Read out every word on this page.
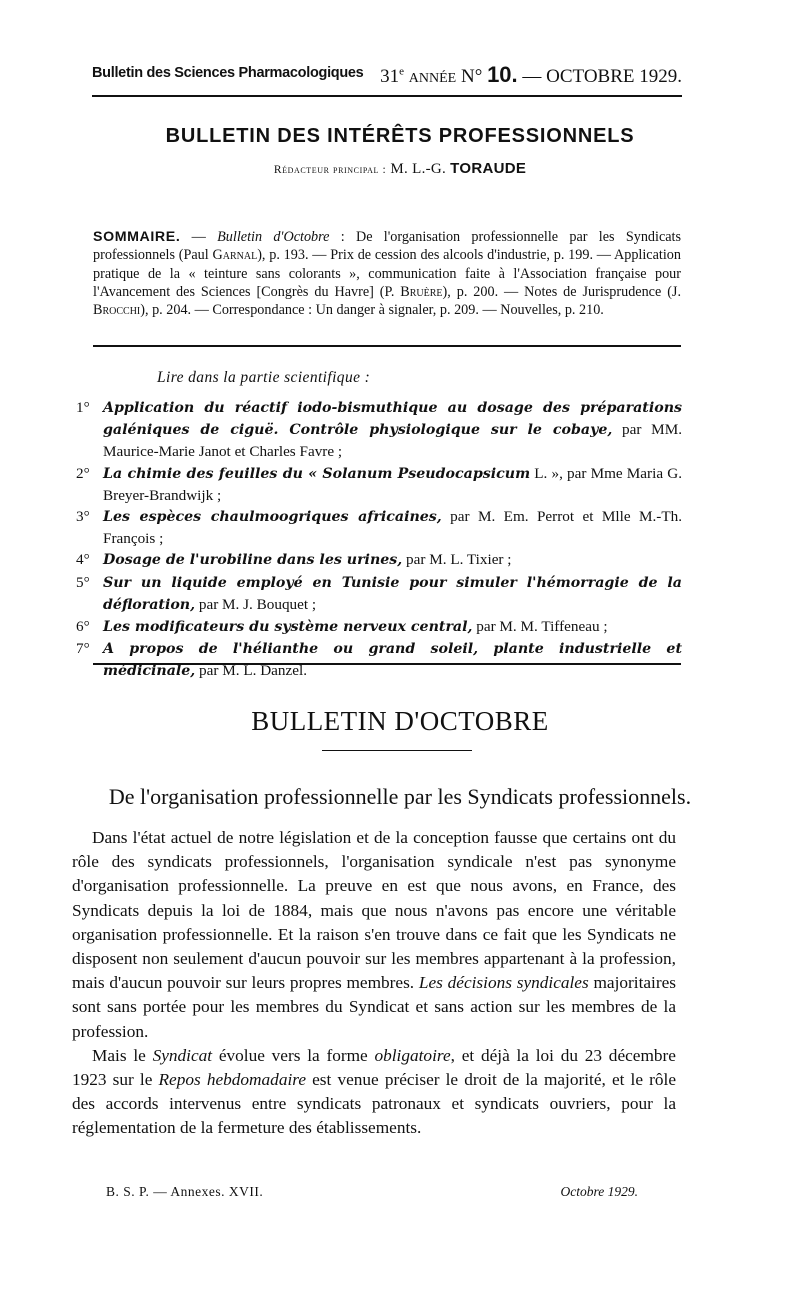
Bulletin des Sciences Pharmacologiques 31e ANNÉE N° 10. — OCTOBRE 1929.
BULLETIN DES INTÉRÊTS PROFESSIONNELS
Rédacteur principal : M. L.-G. TORAUDE
SOMMAIRE. — Bulletin d'Octobre : De l'organisation professionnelle par les Syndicats professionnels (Paul Garnal), p. 193. — Prix de cession des alcools d'industrie, p. 199. — Application pratique de la « teinture sans colorants », communication faite à l'Association française pour l'Avancement des Sciences [Congrès du Havre] (P. Bruère), p. 200. — Notes de Jurisprudence (J. Brocchi), p. 204. — Correspondance : Un danger à signaler, p. 209. — Nouvelles, p. 210.
Lire dans la partie scientifique :
1° Application du réactif iodo-bismuthique au dosage des préparations galéniques de ciguë. Contrôle physiologique sur le cobaye, par MM. Maurice-Marie Janot et Charles Favre ;
2° La chimie des feuilles du « Solanum Pseudocapsicum L. », par Mme Maria G. Breyer-Brandwijk ;
3° Les espèces chaulmoogriques africaines, par M. Em. Perrot et Mlle M.-Th. François ;
4° Dosage de l'urobiline dans les urines, par M. L. Tixier ;
5° Sur un liquide employé en Tunisie pour simuler l'hémorragie de la défloration, par M. J. Bouquet ;
6° Les modificateurs du système nerveux central, par M. M. Tiffeneau ;
7° A propos de l'hélianthe ou grand soleil, plante industrielle et médicinale, par M. L. Danzel.
BULLETIN D'OCTOBRE
De l'organisation professionnelle par les Syndicats professionnels.

Dans l'état actuel de notre législation et de la conception fausse que certains ont du rôle des syndicats professionnels, l'organisation syndicale n'est pas synonyme d'organisation professionnelle. La preuve en est que nous avons, en France, des Syndicats depuis la loi de 1884, mais que nous n'avons pas encore une véritable organisation professionnelle. Et la raison s'en trouve dans ce fait que les Syndicats ne disposent non seulement d'aucun pouvoir sur les membres appartenant à la profession, mais d'aucun pouvoir sur leurs propres membres. Les décisions syndicales majoritaires sont sans portée pour les membres du Syndicat et sans action sur les membres de la profession.

Mais le Syndicat évolue vers la forme obligatoire, et déjà la loi du 23 décembre 1923 sur le Repos hebdomadaire est venue préciser le droit de la majorité, et le rôle des accords intervenus entre syndicats patronaux et syndicats ouvriers, pour la réglementation de la fermeture des établissements.

B. S. P. — Annexes. XVII.	Octobre 1929.
